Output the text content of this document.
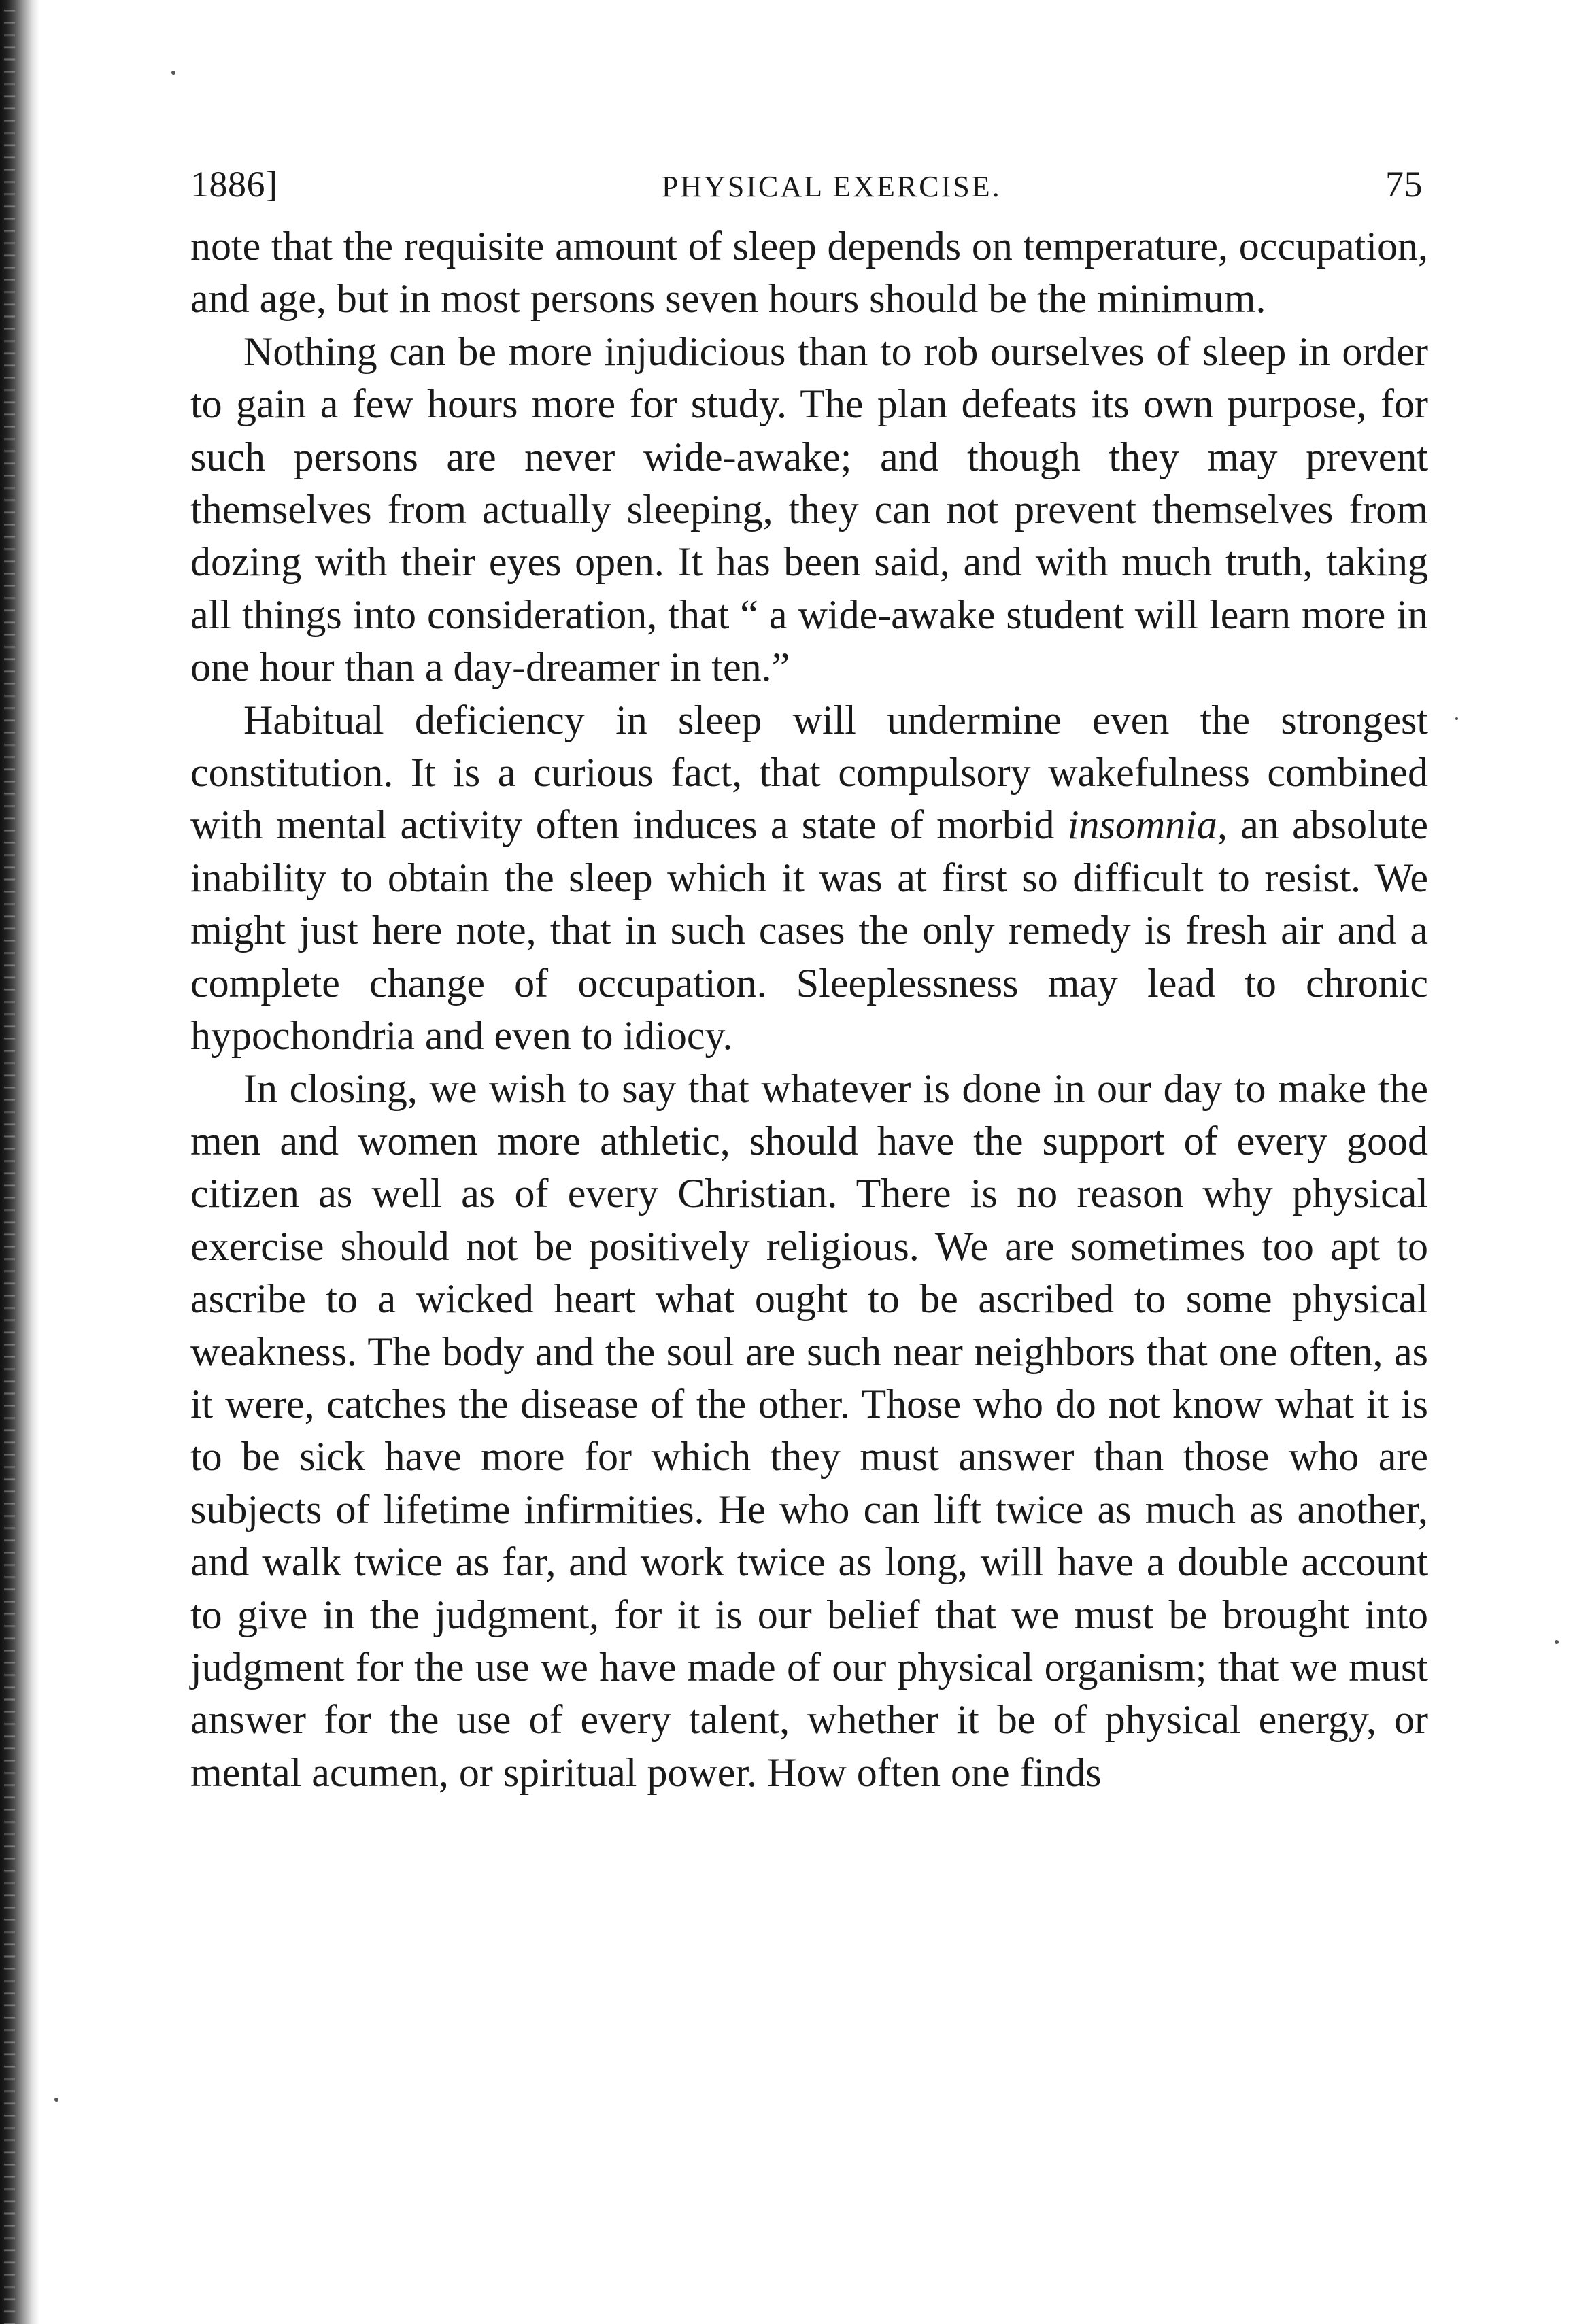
1886]	PHYSICAL EXERCISE.	75

note that the requisite amount of sleep depends on temperature, occupation, and age, but in most persons seven hours should be the minimum.

Nothing can be more injudicious than to rob ourselves of sleep in order to gain a few hours more for study. The plan defeats its own purpose, for such persons are never wide-awake; and though they may prevent themselves from actually sleeping, they can not prevent themselves from dozing with their eyes open. It has been said, and with much truth, taking all things into consideration, that “ a wide-awake student will learn more in one hour than a day-dreamer in ten.”

Habitual deficiency in sleep will undermine even the strongest constitution. It is a curious fact, that compulsory wakefulness combined with mental activity often induces a state of morbid insomnia, an absolute inability to obtain the sleep which it was at first so difficult to resist. We might just here note, that in such cases the only remedy is fresh air and a complete change of occupation. Sleeplessness may lead to chronic hypochondria and even to idiocy.

In closing, we wish to say that whatever is done in our day to make the men and women more athletic, should have the support of every good citizen as well as of every Christian. There is no reason why physical exercise should not be positively religious. We are sometimes too apt to ascribe to a wicked heart what ought to be ascribed to some physical weakness. The body and the soul are such near neighbors that one often, as it were, catches the disease of the other. Those who do not know what it is to be sick have more for which they must answer than those who are subjects of lifetime infirmities. He who can lift twice as much as another, and walk twice as far, and work twice as long, will have a double account to give in the judgment, for it is our belief that we must be brought into judgment for the use we have made of our physical organism; that we must answer for the use of every talent, whether it be of physical energy, or mental acumen, or spiritual power. How often one finds
